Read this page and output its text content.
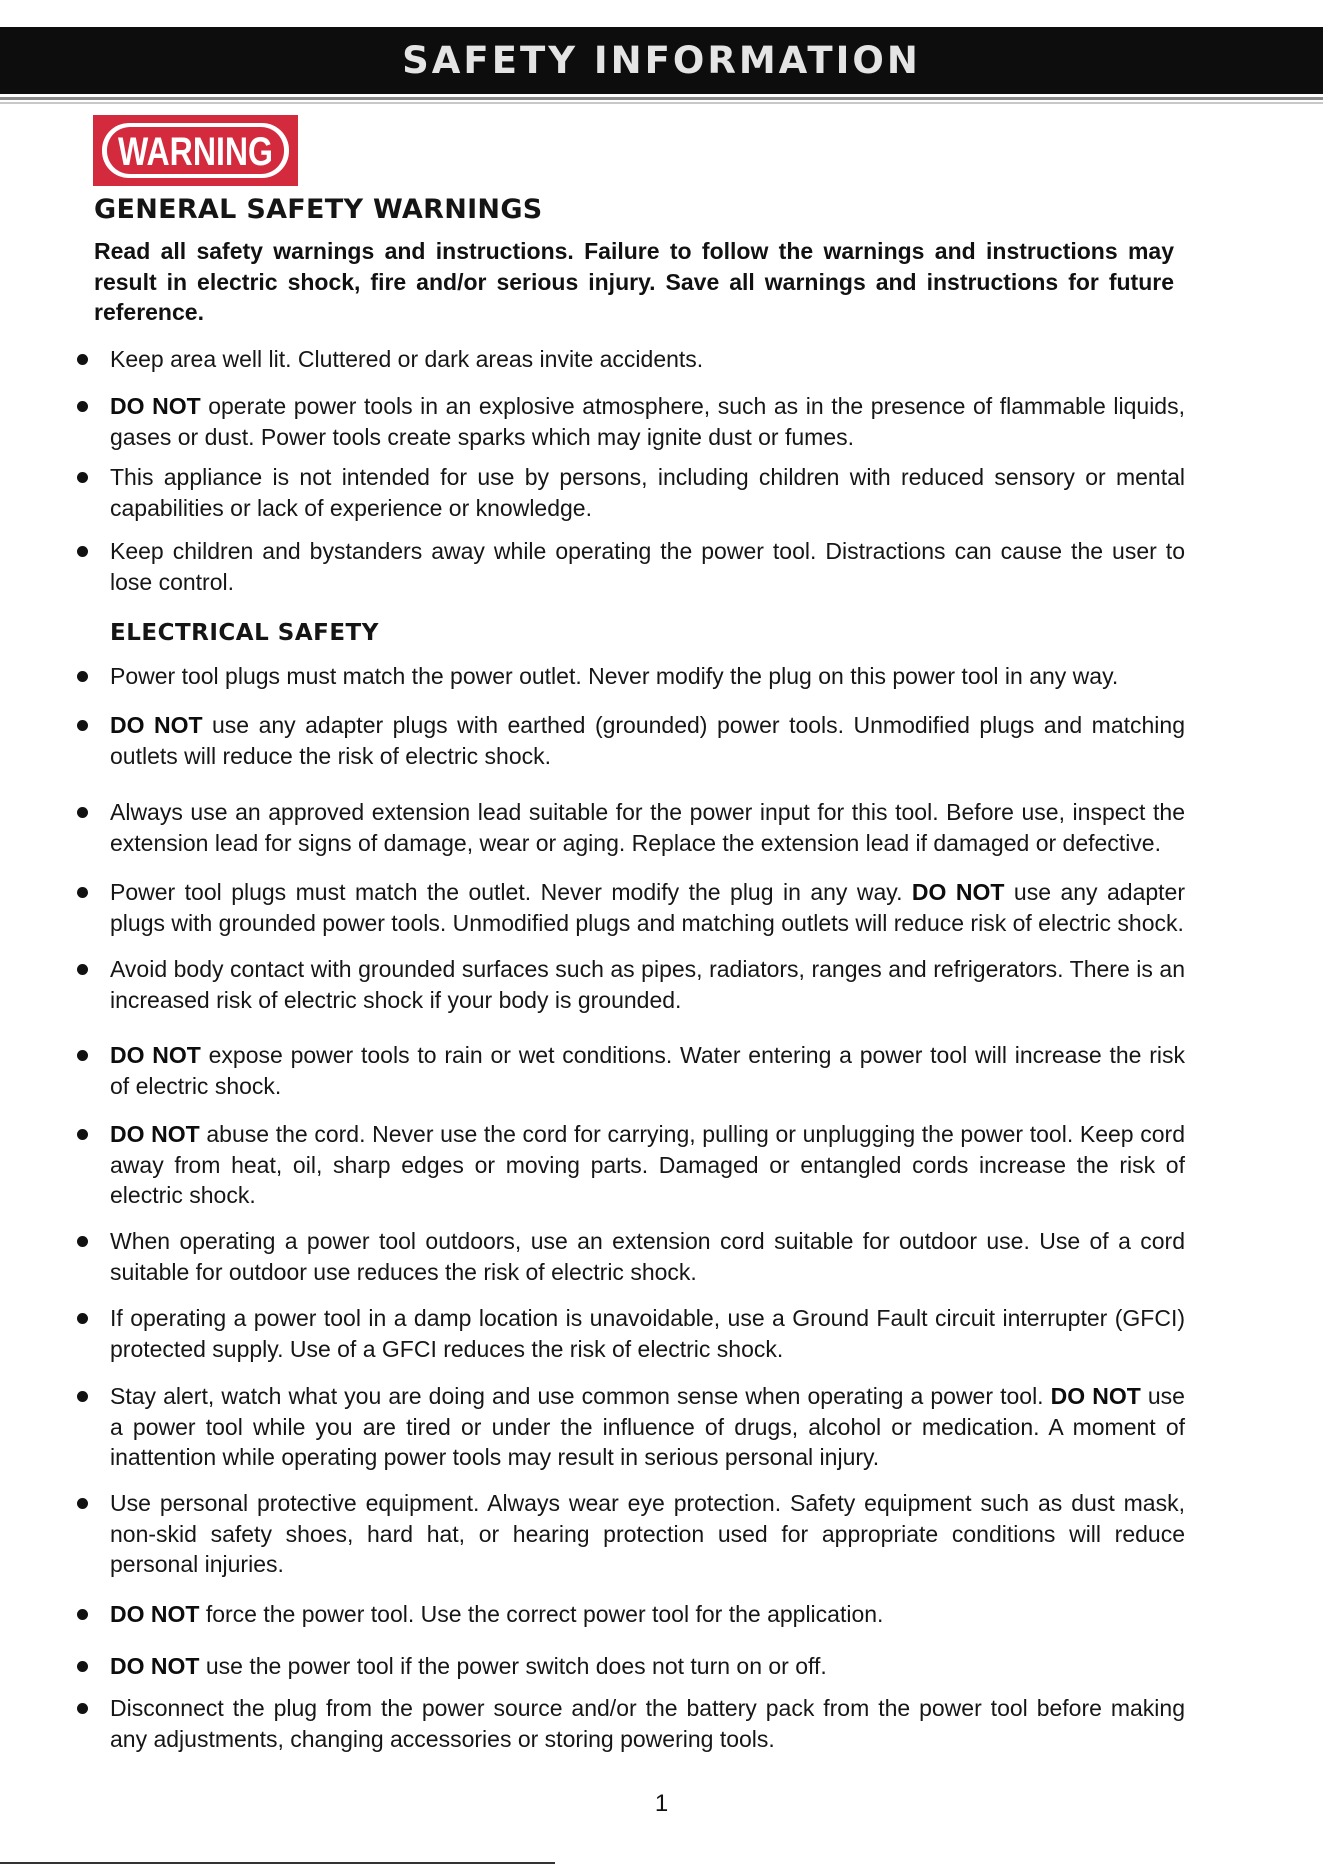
SAFETY INFORMATION
WARNING
GENERAL SAFETY WARNINGS
Read all safety warnings and instructions. Failure to follow the warnings and instructions may result in electric shock, fire and/or serious injury. Save all warnings and instructions for future reference.
Keep area well lit. Cluttered or dark areas invite accidents.
DO NOT operate power tools in an explosive atmosphere, such as in the presence of flammable liquids, gases or dust. Power tools create sparks which may ignite dust or fumes.
This appliance is not intended for use by persons, including children with reduced sensory or mental capabilities or lack of experience or knowledge.
Keep children and bystanders away while operating the power tool. Distractions can cause the user to lose control.
ELECTRICAL SAFETY
Power tool plugs must match the power outlet. Never modify the plug on this power tool in any way.
DO NOT use any adapter plugs with earthed (grounded) power tools. Unmodified plugs and matching outlets will reduce the risk of electric shock.
Always use an approved extension lead suitable for the power input for this tool. Before use, inspect the extension lead for signs of damage, wear or aging. Replace the extension lead if damaged or defective.
Power tool plugs must match the outlet. Never modify the plug in any way. DO NOT use any adapter plugs with grounded power tools. Unmodified plugs and matching outlets will reduce risk of electric shock.
Avoid body contact with grounded surfaces such as pipes, radiators, ranges and refrigerators. There is an increased risk of electric shock if your body is grounded.
DO NOT expose power tools to rain or wet conditions. Water entering a power tool will increase the risk of electric shock.
DO NOT abuse the cord. Never use the cord for carrying, pulling or unplugging the power tool. Keep cord away from heat, oil, sharp edges or moving parts. Damaged or entangled cords increase the risk of electric shock.
When operating a power tool outdoors, use an extension cord suitable for outdoor use. Use of a cord suitable for outdoor use reduces the risk of electric shock.
If operating a power tool in a damp location is unavoidable, use a Ground Fault circuit interrupter (GFCI) protected supply. Use of a GFCI reduces the risk of electric shock.
Stay alert, watch what you are doing and use common sense when operating a power tool. DO NOT use a power tool while you are tired or under the influence of drugs, alcohol or medication. A moment of inattention while operating power tools may result in serious personal injury.
Use personal protective equipment. Always wear eye protection. Safety equipment such as dust mask, non-skid safety shoes, hard hat, or hearing protection used for appropriate conditions will reduce personal injuries.
DO NOT force the power tool. Use the correct power tool for the application.
DO NOT use the power tool if the power switch does not turn on or off.
Disconnect the plug from the power source and/or the battery pack from the power tool before making any adjustments, changing accessories or storing powering tools.
1
